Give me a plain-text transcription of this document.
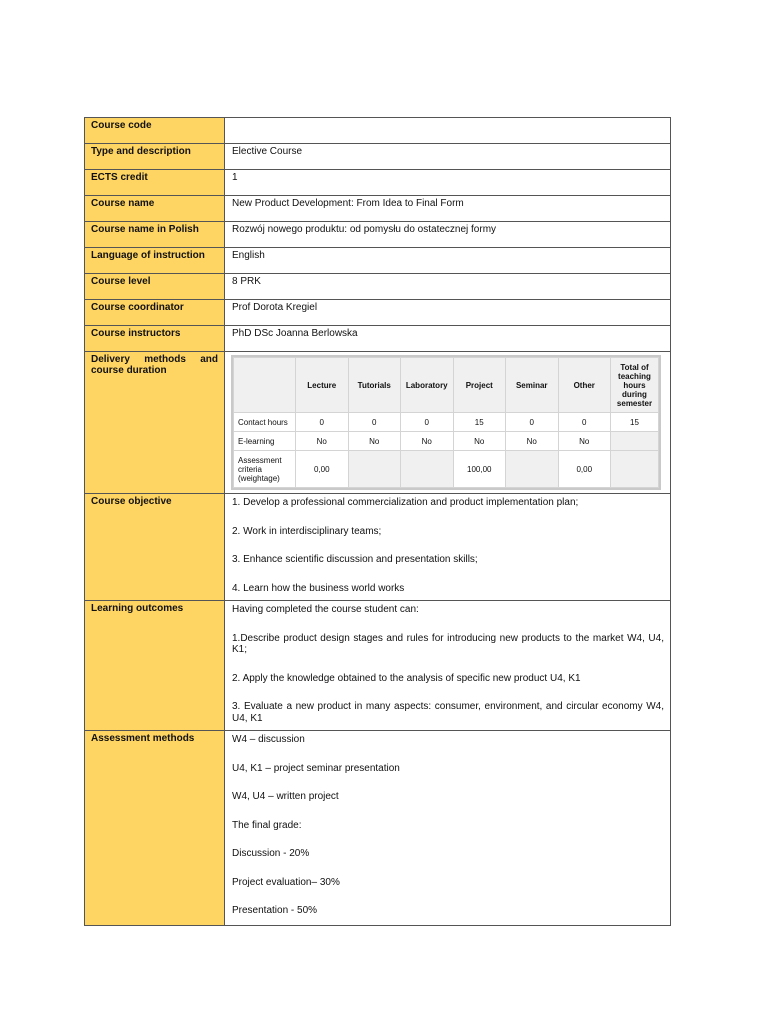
Course code	
Type and description	Elective Course
ECTS credit	1
Course name	New Product Development: From Idea to Final Form
Course name in Polish	Rozwój nowego produktu: od pomysłu do ostatecznej formy
Language of instruction	English
Course level	8 PRK
Course coordinator	Prof Dorota Kregiel
Course instructors	PhD DSc Joanna Berlowska

Delivery methods and
course duration	
	Lecture	Tutorials	Laboratory	Project	Seminar	Other	Total of teaching hours during semester
Contact hours	0	0	0	15	0	0	15
E-learning	No	No	No	No	No	No	
Assessment criteria (weightage)	0,00			100,00		0,00	

Course objective	1. Develop a professional commercialization and product implementation plan;

2. Work in interdisciplinary teams;

3. Enhance scientific discussion and presentation skills;

4. Learn how the business world works

Learning outcomes	Having completed the course student can:

1.Describe product design stages and rules for introducing new products to the market W4, U4, K1;

2. Apply the knowledge obtained to the analysis of specific new product U4, K1

3. Evaluate a new product in many aspects: consumer, environment, and circular economy W4, U4, K1

Assessment methods	W4 – discussion

U4, K1 – project seminar presentation

W4, U4 – written project

The final grade:

Discussion - 20%

Project evaluation– 30%

Presentation - 50%
